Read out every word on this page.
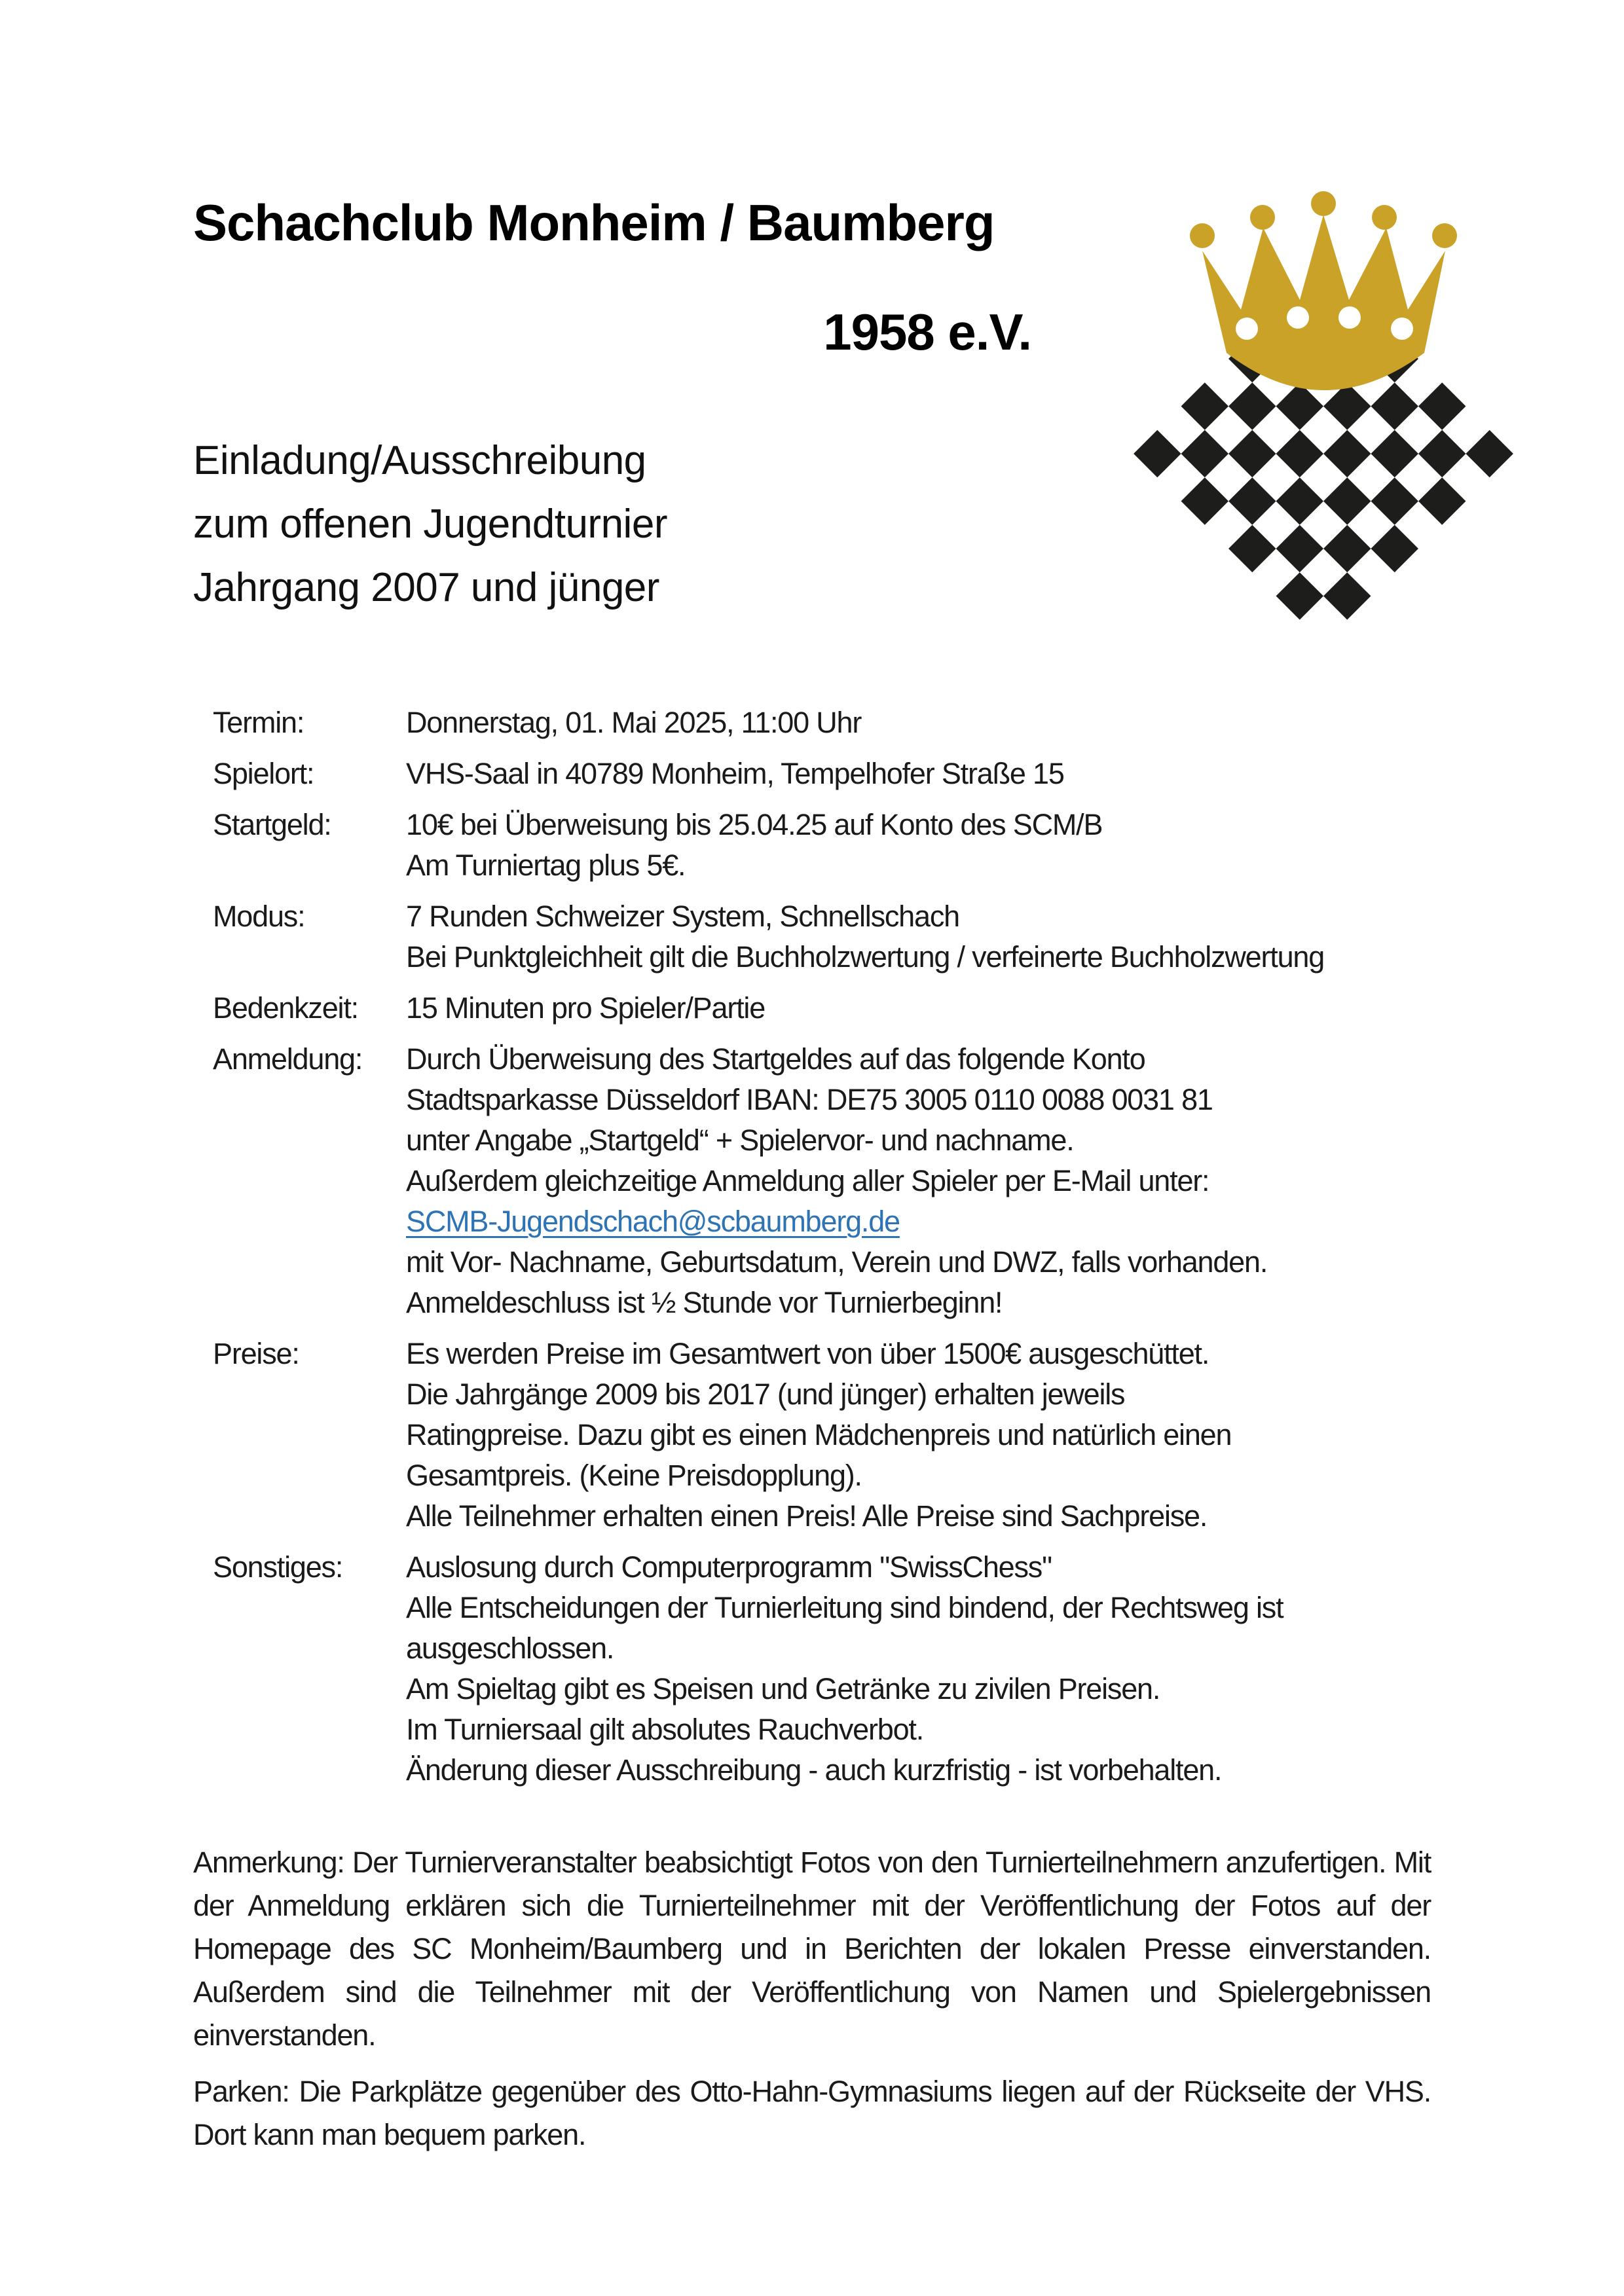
Schachclub Monheim / Baumberg
1958 e.V.
Einladung/Ausschreibung
zum offenen Jugendturnier
Jahrgang 2007 und jünger
Termin:	Donnerstag, 01. Mai 2025, 11:00 Uhr
Spielort:	VHS-Saal in 40789 Monheim, Tempelhofer Straße 15
Startgeld:	10€ bei Überweisung bis 25.04.25 auf Konto des SCM/B
Am Turniertag plus 5€.
Modus:	7 Runden Schweizer System, Schnellschach
Bei Punktgleichheit gilt die Buchholzwertung / verfeinerte Buchholzwertung
Bedenkzeit:	15 Minuten pro Spieler/Partie
Anmeldung:	Durch Überweisung des Startgeldes auf das folgende Konto
Stadtsparkasse Düsseldorf IBAN: DE75 3005 0110 0088 0031 81
unter Angabe „Startgeld“ + Spielervor- und nachname.
Außerdem gleichzeitige Anmeldung aller Spieler per E-Mail unter:
SCMB-Jugendschach@scbaumberg.de
mit Vor- Nachname, Geburtsdatum, Verein und DWZ, falls vorhanden.
Anmeldeschluss ist ½ Stunde vor Turnierbeginn!
Preise:	Es werden Preise im Gesamtwert von über 1500€ ausgeschüttet.
Die Jahrgänge 2009 bis 2017 (und jünger) erhalten jeweils
Ratingpreise. Dazu gibt es einen Mädchenpreis und natürlich einen
Gesamtpreis. (Keine Preisdopplung).
Alle Teilnehmer erhalten einen Preis! Alle Preise sind Sachpreise.
Sonstiges:	Auslosung durch Computerprogramm "SwissChess"
Alle Entscheidungen der Turnierleitung sind bindend, der Rechtsweg ist
ausgeschlossen.
Am Spieltag gibt es Speisen und Getränke zu zivilen Preisen.
Im Turniersaal gilt absolutes Rauchverbot.
Änderung dieser Ausschreibung - auch kurzfristig - ist vorbehalten.
Anmerkung: Der Turnierveranstalter beabsichtigt Fotos von den Turnierteilnehmern anzufertigen. Mit der Anmeldung erklären sich die Turnierteilnehmer mit der Veröffentlichung der Fotos auf der Homepage des SC Monheim/Baumberg und in Berichten der lokalen Presse einverstanden. Außerdem sind die Teilnehmer mit der Veröffentlichung von Namen und Spielergebnissen einverstanden.
Parken: Die Parkplätze gegenüber des Otto-Hahn-Gymnasiums liegen auf der Rückseite der VHS. Dort kann man bequem parken.
